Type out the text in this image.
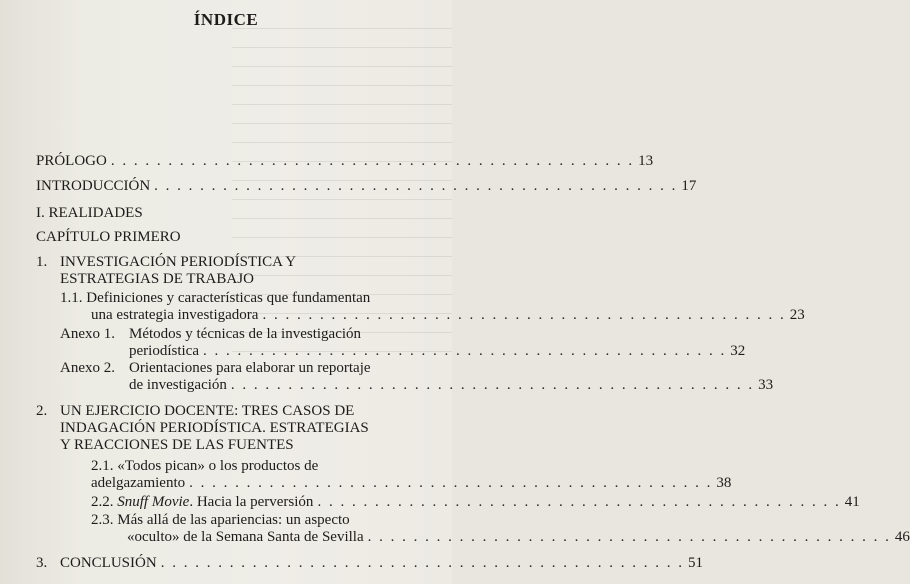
ÍNDICE
PRÓLOGO . . . . . . . . . . . . . . . . . . . . . . . . . . . . . . . . . . . . . . . . . . . . . . 13
INTRODUCCIÓN . . . . . . . . . . . . . . . . . . . . . . . . . . . . . . . . . . . . . . . . . . . . . . 17
I. REALIDADES
CAPÍTULO PRIMERO
1. INVESTIGACIÓN PERIODÍSTICA Y
ESTRATEGIAS DE TRABAJO
1.1. Definiciones y características que fundamentan
una estrategia investigadora . . . . . . . . . . . . . . . . . . . . . . . . . . . . . . . . . . . . . . . . . . . . . . 23
Anexo 1. Métodos y técnicas de la investigación
periodística . . . . . . . . . . . . . . . . . . . . . . . . . . . . . . . . . . . . . . . . . . . . . . 32
Anexo 2. Orientaciones para elaborar un reportaje
de investigación . . . . . . . . . . . . . . . . . . . . . . . . . . . . . . . . . . . . . . . . . . . . . . 33
2. UN EJERCICIO DOCENTE: TRES CASOS DE
INDAGACIÓN PERIODÍSTICA. ESTRATEGIAS
Y REACCIONES DE LAS FUENTES
2.1. «Todos pican» o los productos de
adelgazamiento . . . . . . . . . . . . . . . . . . . . . . . . . . . . . . . . . . . . . . . . . . . . . . 38
2.2. Snuff Movie. Hacia la perversión . . . . . . . . . . . . . . . . . . . . . . . . . . . . . . . . . . . . . . . . . . . . . . 41
2.3. Más allá de las apariencias: un aspecto
«oculto» de la Semana Santa de Sevilla . . . . . . . . . . . . . . . . . . . . . . . . . . . . . . . . . . . . . . . . . . . . . . 46
3. CONCLUSIÓN . . . . . . . . . . . . . . . . . . . . . . . . . . . . . . . . . . . . . . . . . . . . . . 51
